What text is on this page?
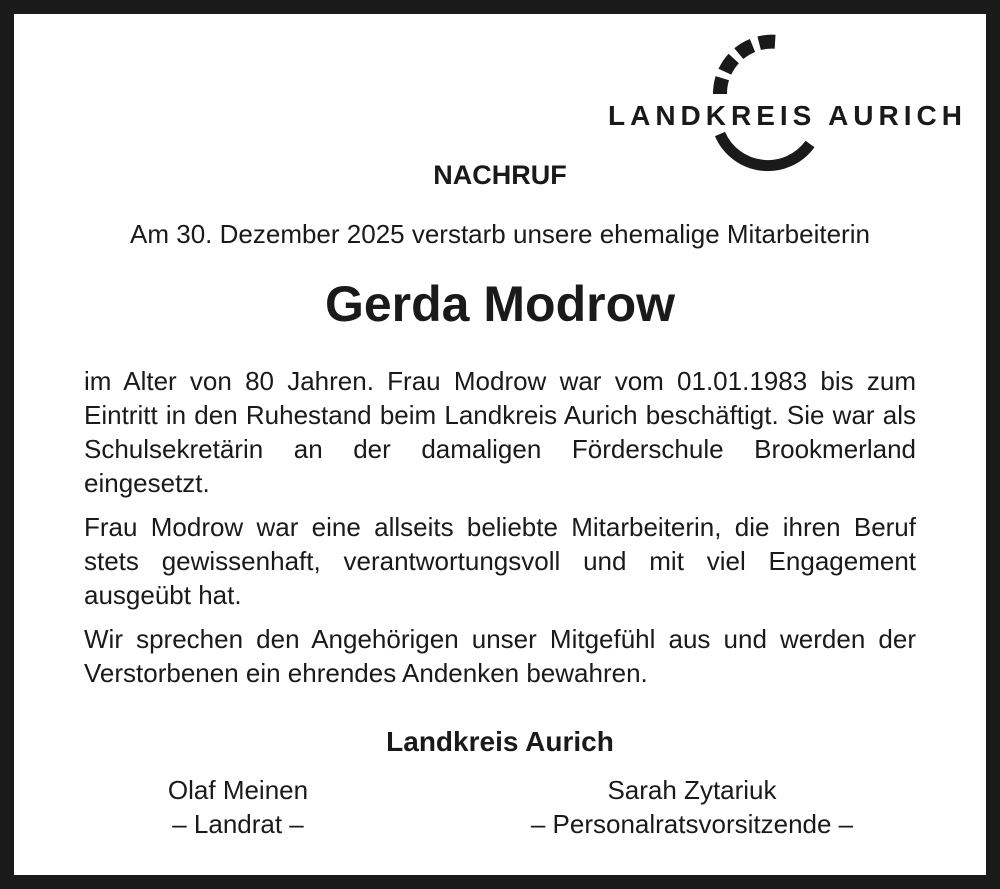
LANDKREIS AURICH
NACHRUF
Am 30. Dezember 2025 verstarb unsere ehemalige Mitarbeiterin
Gerda Modrow

im Alter von 80 Jahren. Frau Modrow war vom 01.01.1983 bis zum Eintritt in den Ruhestand beim Landkreis Aurich beschäftigt. Sie war als Schulsekretärin an der damaligen Förderschule Brookmerland eingesetzt.

Frau Modrow war eine allseits beliebte Mitarbeiterin, die ihren Beruf stets gewissenhaft, verantwortungsvoll und mit viel Engagement ausgeübt hat.

Wir sprechen den Angehörigen unser Mitgefühl aus und werden der Verstorbenen ein ehrendes Andenken bewahren.

Landkreis Aurich
Olaf Meinen
– Landrat –
Sarah Zytariuk
– Personalratsvorsitzende –
